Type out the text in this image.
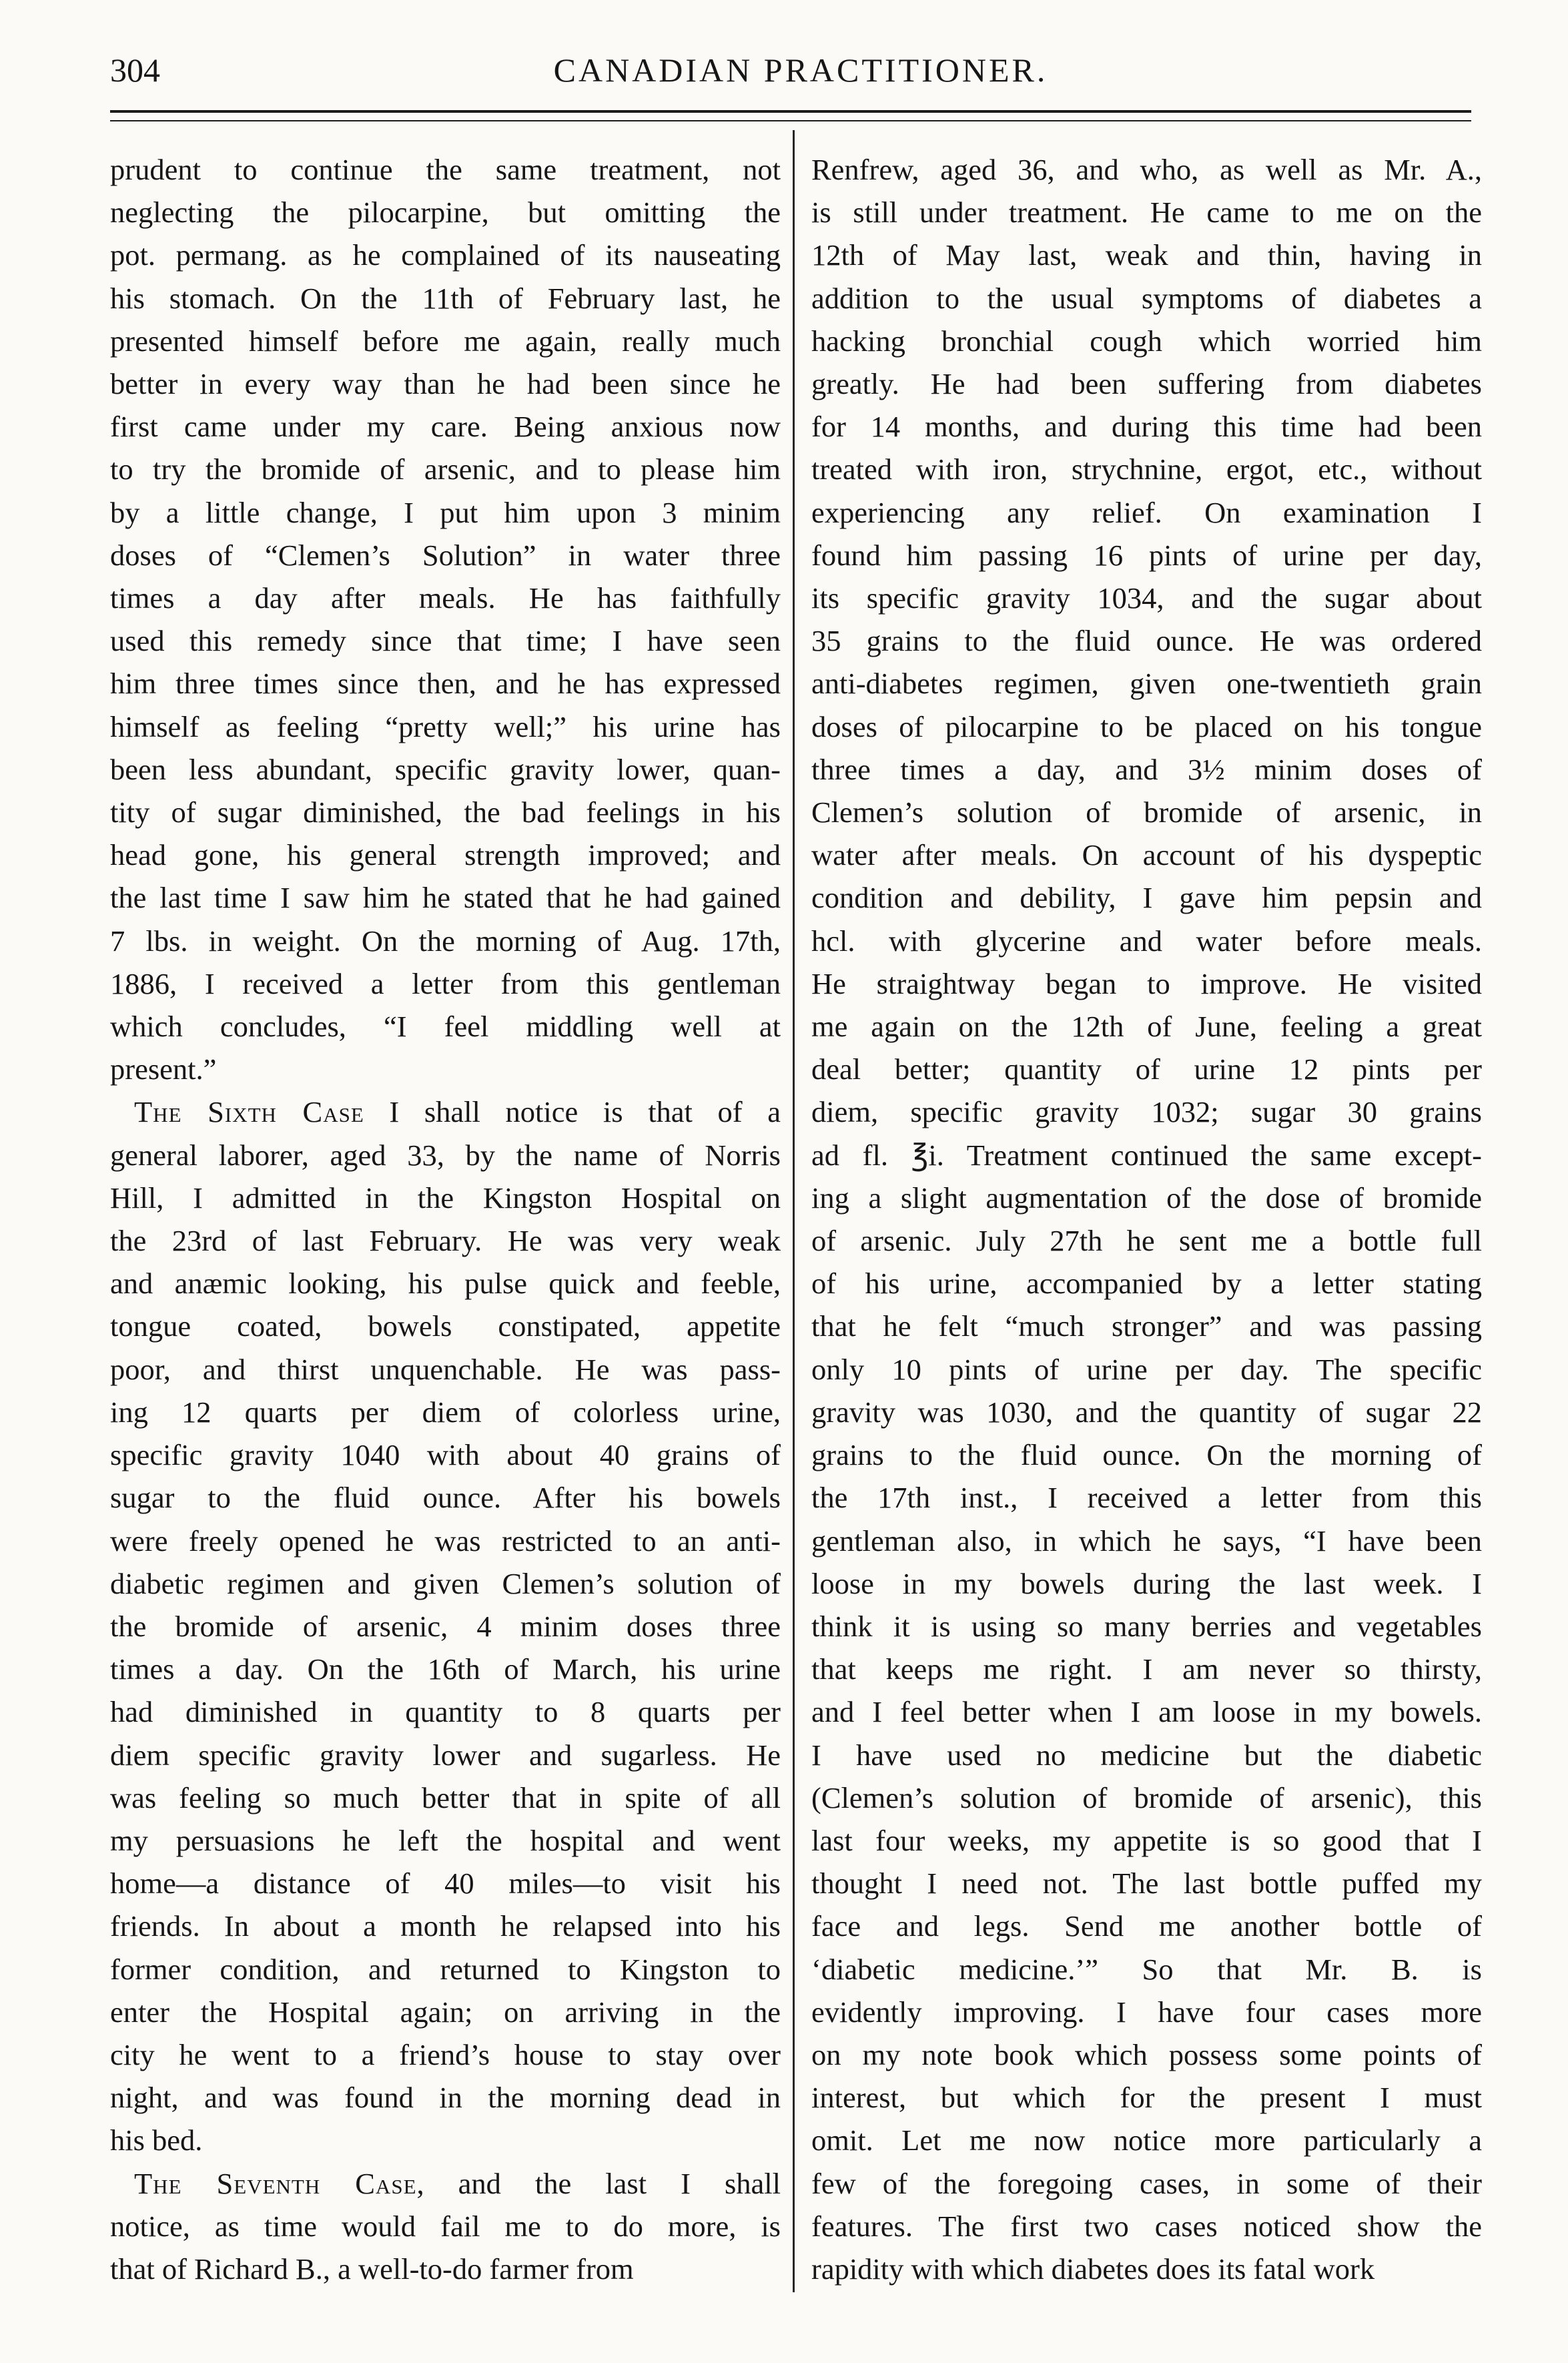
304	CANADIAN PRACTITIONER.
prudent to continue the same treatment, not
neglecting the pilocarpine, but omitting the
pot. permang. as he complained of its nauseating
his stomach. On the 11th of February last, he
presented himself before me again, really much
better in every way than he had been since he
first came under my care. Being anxious now
to try the bromide of arsenic, and to please him
by a little change, I put him upon 3 minim
doses of “Clemen’s Solution” in water three
times a day after meals. He has faithfully
used this remedy since that time; I have seen
him three times since then, and he has expressed
himself as feeling “pretty well;” his urine has
been less abundant, specific gravity lower, quan-
tity of sugar diminished, the bad feelings in his
head gone, his general strength improved; and
the last time I saw him he stated that he had gained
7 lbs. in weight. On the morning of Aug. 17th,
1886, I received a letter from this gentleman
which concludes, “I feel middling well at
present.”
The Sixth Case I shall notice is that of a
general laborer, aged 33, by the name of Norris
Hill, I admitted in the Kingston Hospital on
the 23rd of last February. He was very weak
and anæmic looking, his pulse quick and feeble,
tongue coated, bowels constipated, appetite
poor, and thirst unquenchable. He was pass-
ing 12 quarts per diem of colorless urine,
specific gravity 1040 with about 40 grains of
sugar to the fluid ounce. After his bowels
were freely opened he was restricted to an anti-
diabetic regimen and given Clemen’s solution of
the bromide of arsenic, 4 minim doses three
times a day. On the 16th of March, his urine
had diminished in quantity to 8 quarts per
diem specific gravity lower and sugarless. He
was feeling so much better that in spite of all
my persuasions he left the hospital and went
home—a distance of 40 miles—to visit his
friends. In about a month he relapsed into his
former condition, and returned to Kingston to
enter the Hospital again; on arriving in the
city he went to a friend’s house to stay over
night, and was found in the morning dead in
his bed.
The Seventh Case, and the last I shall
notice, as time would fail me to do more, is
that of Richard B., a well-to-do farmer from
Renfrew, aged 36, and who, as well as Mr. A.,
is still under treatment. He came to me on the
12th of May last, weak and thin, having in
addition to the usual symptoms of diabetes a
hacking bronchial cough which worried him
greatly. He had been suffering from diabetes
for 14 months, and during this time had been
treated with iron, strychnine, ergot, etc., without
experiencing any relief. On examination I
found him passing 16 pints of urine per day,
its specific gravity 1034, and the sugar about
35 grains to the fluid ounce. He was ordered
anti-diabetes regimen, given one-twentieth grain
doses of pilocarpine to be placed on his tongue
three times a day, and 3½ minim doses of
Clemen’s solution of bromide of arsenic, in
water after meals. On account of his dyspeptic
condition and debility, I gave him pepsin and
hcl. with glycerine and water before meals.
He straightway began to improve. He visited
me again on the 12th of June, feeling a great
deal better; quantity of urine 12 pints per
diem, specific gravity 1032; sugar 30 grains
ad fl. ℥i. Treatment continued the same except-
ing a slight augmentation of the dose of bromide
of arsenic. July 27th he sent me a bottle full
of his urine, accompanied by a letter stating
that he felt “much stronger” and was passing
only 10 pints of urine per day. The specific
gravity was 1030, and the quantity of sugar 22
grains to the fluid ounce. On the morning of
the 17th inst., I received a letter from this
gentleman also, in which he says, “I have been
loose in my bowels during the last week. I
think it is using so many berries and vegetables
that keeps me right. I am never so thirsty,
and I feel better when I am loose in my bowels.
I have used no medicine but the diabetic
(Clemen’s solution of bromide of arsenic), this
last four weeks, my appetite is so good that I
thought I need not. The last bottle puffed my
face and legs. Send me another bottle of
‘diabetic medicine.’” So that Mr. B. is
evidently improving. I have four cases more
on my note book which possess some points of
interest, but which for the present I must
omit. Let me now notice more particularly a
few of the foregoing cases, in some of their
features. The first two cases noticed show the
rapidity with which diabetes does its fatal work
